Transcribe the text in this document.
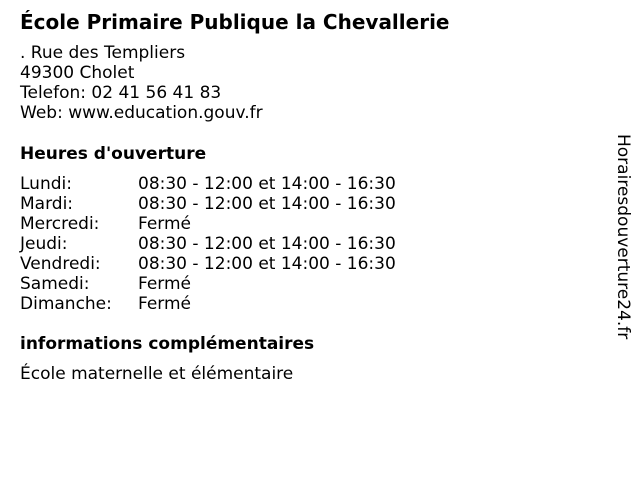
École Primaire Publique la Chevallerie
. Rue des Templiers
49300 Cholet
Telefon: 02 41 56 41 83
Web: www.education.gouv.fr
Heures d'ouverture
Lundi:	08:30 - 12:00 et 14:00 - 16:30
Mardi:	08:30 - 12:00 et 14:00 - 16:30
Mercredi: Fermé
Jeudi:	08:30 - 12:00 et 14:00 - 16:30
Vendredi: 08:30 - 12:00 et 14:00 - 16:30
Samedi:	Fermé
Dimanche: Fermé
informations complémentaires
École maternelle et élémentaire
Horairesdouverture24.fr
